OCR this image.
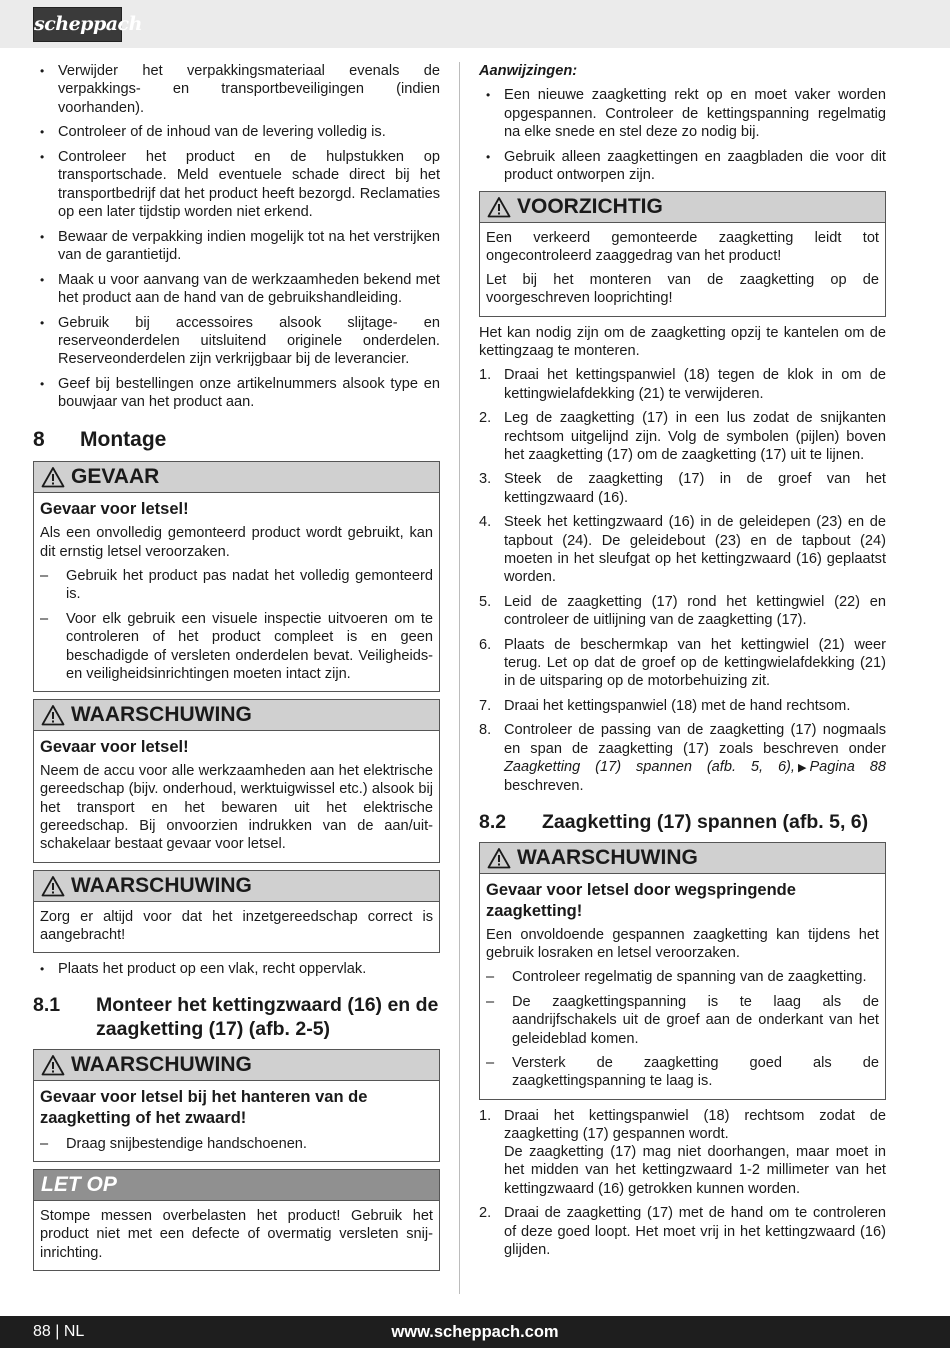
scheppach
• Verwijder het verpakkingsmateriaal evenals de verpakkings- en transportbeveiligingen (indien voorhanden).
• Controleer of de inhoud van de levering volledig is.
• Controleer het product en de hulpstukken op transportschade. Meld eventuele schade direct bij het transportbedrijf dat het product heeft bezorgd. Reclamaties op een later tijdstip worden niet erkend.
• Bewaar de verpakking indien mogelijk tot na het verstrijken van de garantietijd.
• Maak u voor aanvang van de werkzaamheden bekend met het product aan de hand van de gebruikshandleiding.
• Gebruik bij accessoires alsook slijtage- en reserveonderdelen uitsluitend originele onderdelen. Reserveonderdelen zijn verkrijgbaar bij de leverancier.
• Geef bij bestellingen onze artikelnummers alsook type en bouwjaar van het product aan.
8 Montage
GEVAAR
Gevaar voor letsel!

Als een onvolledig gemonteerd product wordt gebruikt, kan dit ernstig letsel veroorzaken.

– Gebruik het product pas nadat het volledig gemonteerd is.
– Voor elk gebruik een visuele inspectie uitvoeren om te controleren of het product compleet is en geen beschadigde of versleten onderdelen bevat. Veiligheids- en veiligheidsinrichtingen moeten intact zijn.
WAARSCHUWING
Gevaar voor letsel!

Neem de accu voor alle werkzaamheden aan het elektrische gereedschap (bijv. onderhoud, werktuigwissel etc.) alsook bij het transport en het bewaren uit het elektrische gereedschap. Bij onvoorzien indrukken van de aan/uit-schakelaar bestaat gevaar voor letsel.

WAARSCHUWING

Zorg er altijd voor dat het inzetgereedschap correct is aangebracht!

• Plaats het product op een vlak, recht oppervlak.
8.1 Monteer het kettingzwaard (16) en de zaagketting (17) (afb. 2-5)
WAARSCHUWING
Gevaar voor letsel bij het hanteren van de zaagketting of het zwaard!
– Draag snijbestendige handschoenen.
LET OP

Stompe messen overbelasten het product! Gebruik het product niet met een defecte of overmatig versleten snij-inrichting.

Aanwijzingen:
• Een nieuwe zaagketting rekt op en moet vaker worden opgespannen. Controleer de kettingspanning regelmatig na elke snede en stel deze zo nodig bij.
• Gebruik alleen zaagkettingen en zaagbladen die voor dit product ontworpen zijn.
VOORZICHTIG

Een verkeerd gemonteerde zaagketting leidt tot ongecontroleerd zaaggedrag van het product!

Let bij het monteren van de zaagketting op de voorgeschreven looprichting!

Het kan nodig zijn om de zaagketting opzij te kantelen om de kettingzaag te monteren.

1. Draai het kettingspanwiel (18) tegen de klok in om de kettingwielafdekking (21) te verwijderen.
2. Leg de zaagketting (17) in een lus zodat de snijkanten rechtsom uitgelijnd zijn. Volg de symbolen (pijlen) boven het zaagketting (17) om de zaagketting (17) uit te lijnen.
3. Steek de zaagketting (17) in de groef van het kettingzwaard (16).
4. Steek het kettingzwaard (16) in de geleidepen (23) en de tapbout (24). De geleidebout (23) en de tapbout (24) moeten in het sleufgat op het kettingzwaard (16) geplaatst worden.
5. Leid de zaagketting (17) rond het kettingwiel (22) en controleer de uitlijning van de zaagketting (17).
6. Plaats de beschermkap van het kettingwiel (21) weer terug. Let op dat de groef op de kettingwielafdekking (21) in de uitsparing op de motorbehuizing zit.
7. Draai het kettingspanwiel (18) met de hand rechtsom.
8. Controleer de passing van de zaagketting (17) nogmaals en span de zaagketting (17) zoals beschreven onder Zaagketting (17) spannen (afb. 5, 6), ▶ Pagina 88 beschreven.
8.2 Zaagketting (17) spannen (afb. 5, 6)
WAARSCHUWING
Gevaar voor letsel door wegspringende zaagketting!

Een onvoldoende gespannen zaagketting kan tijdens het gebruik losraken en letsel veroorzaken.

– Controleer regelmatig de spanning van de zaagketting.
– De zaagkettingspanning is te laag als de aandrijfschakels uit de groef aan de onderkant van het geleideblad komen.
– Versterk de zaagketting goed als de zaagkettingspanning te laag is.
1. Draai het kettingspanwiel (18) rechtsom zodat de zaagketting (17) gespannen wordt.
De zaagketting (17) mag niet doorhangen, maar moet in het midden van het kettingzwaard 1-2 millimeter van het kettingzwaard (16) getrokken kunnen worden.
2. Draai de zaagketting (17) met de hand om te controleren of deze goed loopt. Het moet vrij in het kettingzwaard (16) glijden.
88 | NL	www.scheppach.com
